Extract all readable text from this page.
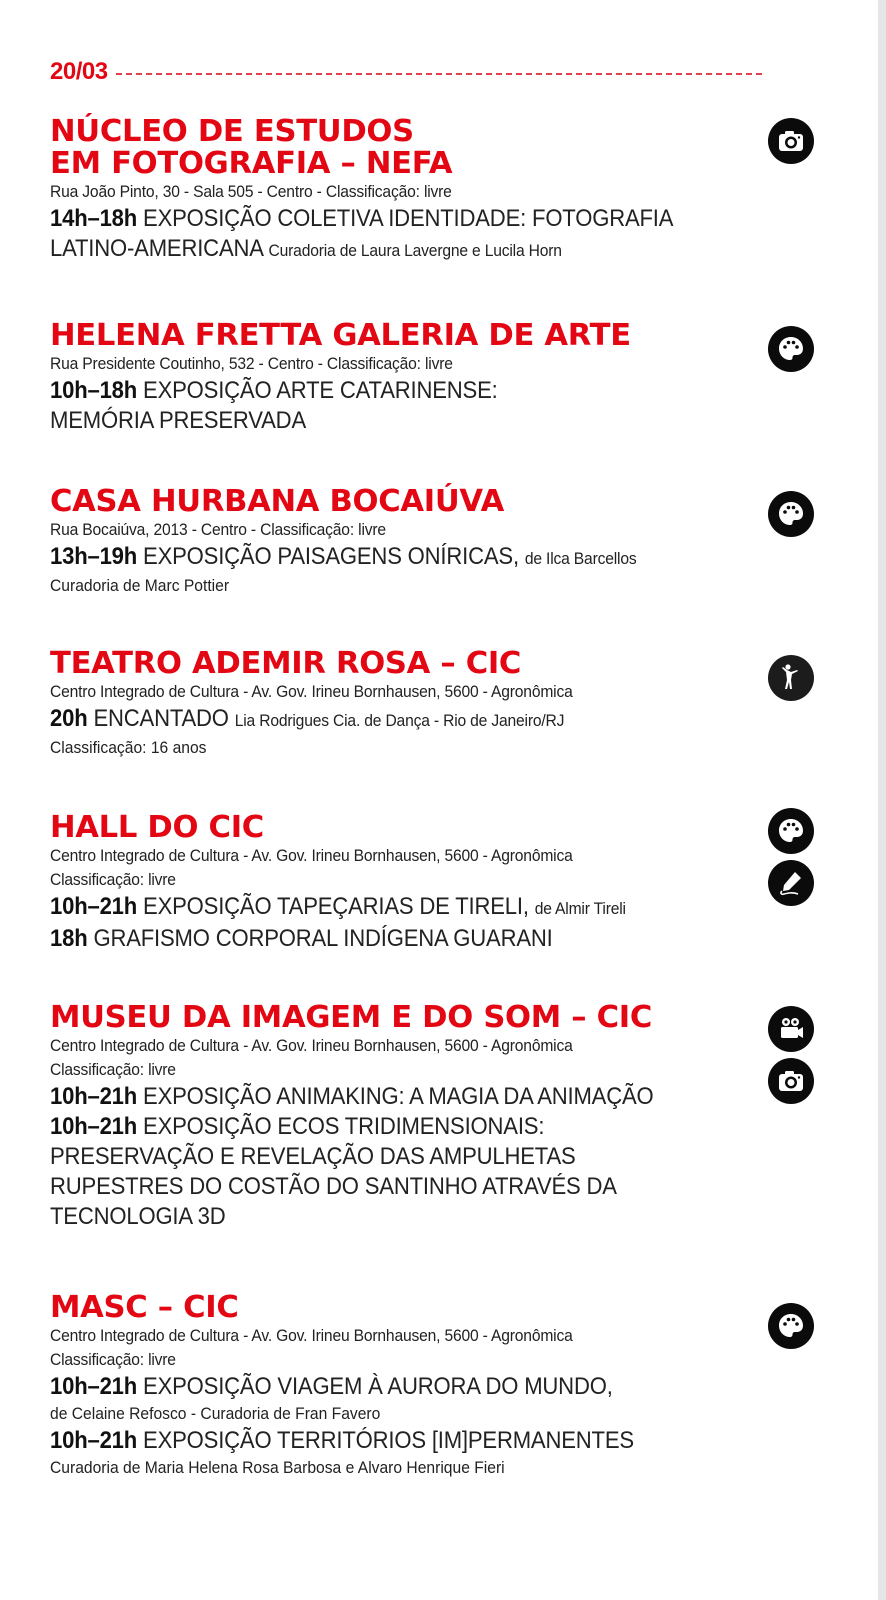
20/03
NÚCLEO DE ESTUDOS
EM FOTOGRAFIA – NEFA
Rua João Pinto, 30 - Sala 505 - Centro - Classificação: livre
14h–18h EXPOSIÇÃO COLETIVA IDENTIDADE: FOTOGRAFIA
LATINO-AMERICANA Curadoria de Laura Lavergne e Lucila Horn
HELENA FRETTA GALERIA DE ARTE
Rua Presidente Coutinho, 532 - Centro - Classificação: livre
10h–18h EXPOSIÇÃO ARTE CATARINENSE:
MEMÓRIA PRESERVADA
CASA HURBANA BOCAIÚVA
Rua Bocaiúva, 2013 - Centro - Classificação: livre
13h–19h EXPOSIÇÃO PAISAGENS ONÍRICAS, de Ilca Barcellos
Curadoria de Marc Pottier
TEATRO ADEMIR ROSA – CIC
Centro Integrado de Cultura - Av. Gov. Irineu Bornhausen, 5600 - Agronômica
20h ENCANTADO Lia Rodrigues Cia. de Dança - Rio de Janeiro/RJ
Classificação: 16 anos
HALL DO CIC
Centro Integrado de Cultura - Av. Gov. Irineu Bornhausen, 5600 - Agronômica
Classificação: livre
10h–21h EXPOSIÇÃO TAPEÇARIAS DE TIRELI, de Almir Tireli
18h GRAFISMO CORPORAL INDÍGENA GUARANI
MUSEU DA IMAGEM E DO SOM – CIC
Centro Integrado de Cultura - Av. Gov. Irineu Bornhausen, 5600 - Agronômica
Classificação: livre
10h–21h EXPOSIÇÃO ANIMAKING: A MAGIA DA ANIMAÇÃO
10h–21h EXPOSIÇÃO ECOS TRIDIMENSIONAIS:
PRESERVAÇÃO E REVELAÇÃO DAS AMPULHETAS
RUPESTRES DO COSTÃO DO SANTINHO ATRAVÉS DA
TECNOLOGIA 3D
MASC – CIC
Centro Integrado de Cultura - Av. Gov. Irineu Bornhausen, 5600 - Agronômica
Classificação: livre
10h–21h EXPOSIÇÃO VIAGEM À AURORA DO MUNDO,
de Celaine Refosco - Curadoria de Fran Favero
10h–21h EXPOSIÇÃO TERRITÓRIOS [IM]PERMANENTES
Curadoria de Maria Helena Rosa Barbosa e Alvaro Henrique Fieri
